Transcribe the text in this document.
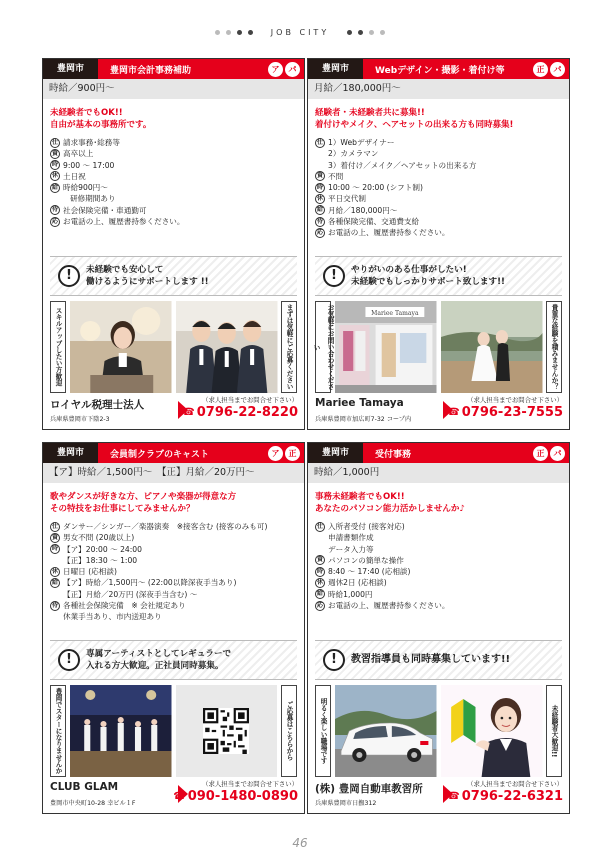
JOB CITY
豊岡市	豊岡市会計事務補助	ア	パ
時給／900円～
未経験者でもOK!!
自由が基本の事務所です。
仕 請求事務･総務等
資 高卒以上
時 9:00 ～ 17:00
休 土日祝
給 時給900円～
研修期間あり
待 社会保険完備・車通勤可
応 お電話の上、履歴書持参ください。
!	未経験でも安心して
働けるようにサポートします !!
スキルアップしたい方歓迎	まずは気軽にご応募ください
ロイヤル税理士法人
兵庫県豊岡市下陰2-3
（求人担当までお問合せ下さい）
☎ 0796-22-8220
豊岡市	Webデザイン・撮影・着付け等	正	パ
月給／180,000円～
経験者・未経験者共に募集!!
着付けやメイク、ヘアセットの出来る方も同時募集!
仕 1）Webデザイナー
2）カメラマン
3）着付け／メイク／ヘアセットの出来る方
資 不問
時 10:00 ～ 20:00 (シフト制)
休 平日交代制
給 月給／180,000円～
待 各種保険完備、交通費支給
応 お電話の上、履歴書持参ください。
!	やりがいのある仕事がしたい!
未経験でもしっかりサポート致します!!
お気軽にお問い合わせください
Mariee Tamaya	貴重な経験を積みませんか？
Mariee Tamaya
兵庫県豊岡市加広町7-32 コープ内
（求人担当までお問合せ下さい）
☎ 0796-23-7555
豊岡市	会員制クラブのキャスト	ア	正
【ア】時給／1,500円～　【正】月給／20万円～
歌やダンスが好きな方、ピアノや楽器が得意な方
その特技をお仕事にしてみませんか？
仕 ダンサー／シンガー／楽器演奏　※接客含む (接客のみも可)
資 男女不問 (20歳以上)
時 【ア】20:00 ～ 24:00
【正】18:30 ～ 1:00
休 日曜日 (応相談)
給 【ア】時給／1,500円～ (22:00以降深夜手当あり)
【正】月給／20万円 (深夜手当含む) ～
待 各種社会保険完備　※ 会社規定あり
休業手当あり、市内送迎あり
!	専属アーティストとしてレギュラーで
入れる方大歓迎。正社員同時募集。
豊岡でスターになりませんか	ご応募はこちらから
CLUB GLAM
豊岡市中央町10-28 幸ビル１F
（求人担当までお問合せ下さい）
☎ 090-1480-0890
豊岡市	受付事務	正	パ
時給／1,000円
事務未経験者でもOK!!
あなたのパソコン能力活かしませんか♪
仕 入所者受付 (接客対応)
申請書類作成
データ入力等
資 パソコンの簡単な操作
時 8:40 ～ 17:40 (応相談)
休 週休2日 (応相談)
給 時給1,000円
応 お電話の上、履歴書持参ください。
!	教習指導員も同時募集しています!!
明るく楽しい職場です	未経験者大歓迎!!
(株) 豊岡自動車教習所
兵庫県豊岡市日撫312
（求人担当までお問合せ下さい）
☎ 0796-22-6321
46
